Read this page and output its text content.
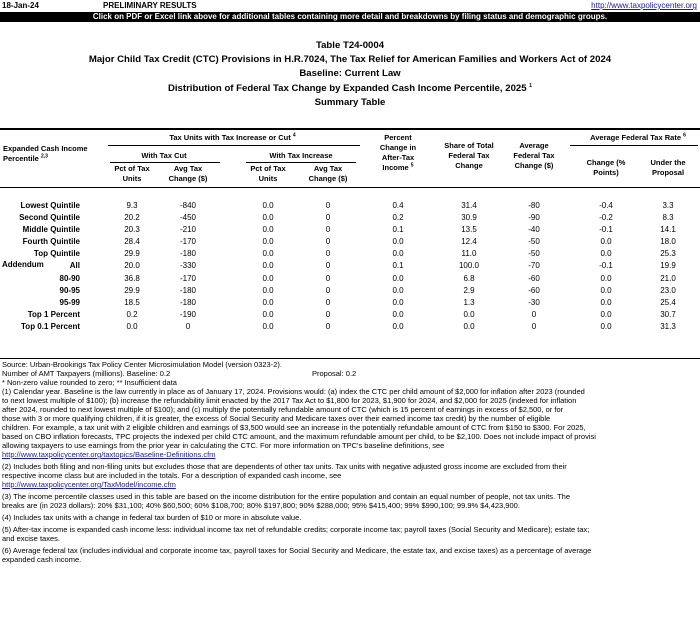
18-Jan-24	PRELIMINARY RESULTS	http://www.taxpolicycenter.org
Click on PDF or Excel link above for additional tables containing more detail and breakdowns by filing status and demographic groups.
Table T24-0004
Major Child Tax Credit (CTC) Provisions in H.R.7024, The Tax Relief for American Families and Workers Act of 2024
Baseline: Current Law
Distribution of Federal Tax Change by Expanded Cash Income Percentile, 2025 $^1$
Summary Table
Expanded Cash Income Percentile $^{2,3}$
Tax Units with Tax Increase or Cut $^4$
With Tax Cut	With Tax Increase
Pct of Tax Units
Avg Tax Change ($)
Pct of Tax Units
Avg Tax Change ($)
Percent Change in After-Tax Income $^5$
Share of Total Federal Tax Change
Average Federal Tax Change ($)
Average Federal Tax Rate $^6$
Change (% Points)
Under the Proposal
Lowest Quintile	9.3	-840	0.0	0	0.4	31.4	-80	-0.4	3.3
Second Quintile	20.2	-450	0.0	0	0.2	30.9	-90	-0.2	8.3
Middle Quintile	20.3	-210	0.0	0	0.1	13.5	-40	-0.1	14.1
Fourth Quintile	28.4	-170	0.0	0	0.0	12.4	-50	0.0	18.0
Top Quintile	29.9	-180	0.0	0	0.0	11.0	-50	0.0	25.3
All	20.0	-330	0.0	0	0.1	100.0	-70	-0.1	19.9
Addendum
80-90	36.8	-170	0.0	0	0.0	6.8	-60	0.0	21.0
90-95	29.9	-180	0.0	0	0.0	2.9	-60	0.0	23.0
95-99	18.5	-180	0.0	0	0.0	1.3	-30	0.0	25.4
Top 1 Percent	0.2	-190	0.0	0	0.0	0.0	0	0.0	30.7
Top 0.1 Percent	0.0	0	0.0	0	0.0	0.0	0	0.0	31.3
Source: Urban-Brookings Tax Policy Center Microsimulation Model (version 0323-2).
Number of AMT Taxpayers (millions). Baseline: 0.2	Proposal: 0.2
* Non-zero value rounded to zero; ** Insufficient data
(1) Calendar year. Baseline is the law currently in place as of January 17, 2024. Provisions would: (a) index the CTC per child amount of $2,000 for inflation after 2023 (rounded
to next lowest multiple of $100); (b) increase the refundability limit enacted by the 2017 Tax Act to $1,800 for 2023, $1,900 for 2024, and $2,000 for 2025 (indexed for inflation
after 2024, rounded to next lowest multiple of $100); and (c) multiply the potentially refundable amount of CTC (which is 15 percent of earnings in excess of $2,500, or for
those with 3 or more qualifying children, if it is greater, the excess of Social Security and Medicare taxes over their earned income tax credit) by the number of eligible
children. For example, a tax unit with 2 eligible children and earnings of $3,500 would see an increase in the potentially refundable amount of CTC from $150 to $300. For 2025,
based on CBO inflation forecasts, TPC projects the indexed per child CTC amount, and the maximum refundable amount per child, to be $2,100. Does not include impact of provisi
allowing taxpayers to use earnings from the prior year in calculating the CTC. For more information on TPC's baseline definitions, see
http://www.taxpolicycenter.org/taxtopics/Baseline-Definitions.cfm
(2) Includes both filing and non-filing units but excludes those that are dependents of other tax units. Tax units with negative adjusted gross income are excluded from their
respective income class but are included in the totals. For a description of expanded cash income, see
http://www.taxpolicycenter.org/TaxModel/income.cfm
(3) The income percentile classes used in this table are based on the income distribution for the entire population and contain an equal number of people, not tax units. The
breaks are (in 2023 dollars): 20% $31,100; 40% $60,500; 60% $108,700; 80% $197,800; 90% $288,000; 95% $415,400; 99% $990,100; 99.9% $4,423,900.
(4) Includes tax units with a change in federal tax burden of $10 or more in absolute value.
(5) After-tax income is expanded cash income less: individual income tax net of refundable credits; corporate income tax; payroll taxes (Social Security and Medicare); estate tax;
and excise taxes.
(6) Average federal tax (includes individual and corporate income tax, payroll taxes for Social Security and Medicare, the estate tax, and excise taxes) as a percentage of average
expanded cash income.
